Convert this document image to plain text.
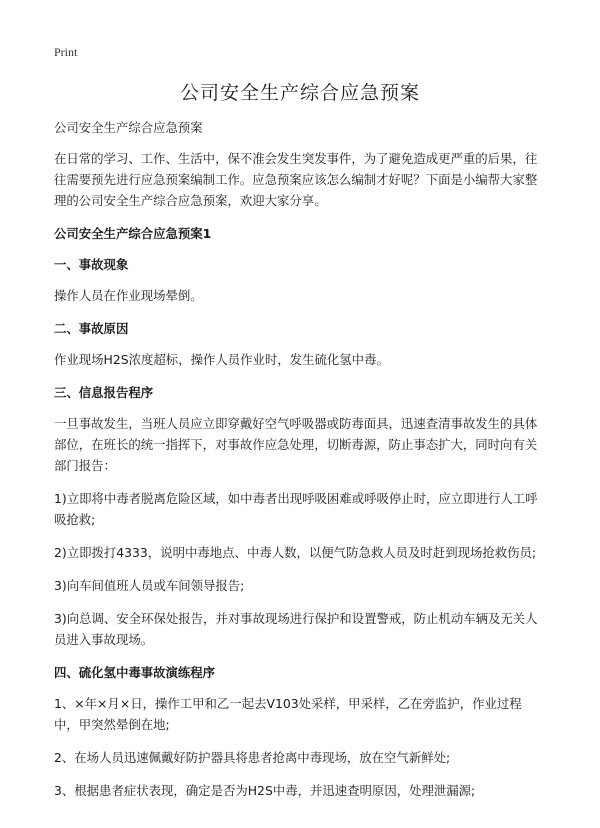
Print
公司安全生产综合应急预案

公司安全生产综合应急预案

在日常的学习、工作、生活中，保不准会发生突发事件，为了避免造成更严重的后果，往往需要预先进行应急预案编制工作。应急预案应该怎么编制才好呢？下面是小编帮大家整理的公司安全生产综合应急预案，欢迎大家分享。

公司安全生产综合应急预案1

一、事故现象

操作人员在作业现场晕倒。

二、事故原因

作业现场H2S浓度超标，操作人员作业时，发生硫化氢中毒。

三、信息报告程序

一旦事故发生，当班人员应立即穿戴好空气呼吸器或防毒面具，迅速查清事故发生的具体部位，在班长的统一指挥下，对事故作应急处理，切断毒源，防止事态扩大，同时向有关部门报告：

1)立即将中毒者脱离危险区域，如中毒者出现呼吸困难或呼吸停止时，应立即进行人工呼吸抢救;

2)立即拨打4333，说明中毒地点、中毒人数，以便气防急救人员及时赶到现场抢救伤员;

3)向车间值班人员或车间领导报告;

3)向总调、安全环保处报告，并对事故现场进行保护和设置警戒，防止机动车辆及无关人员进入事故现场。

四、硫化氢中毒事故演练程序

1、×年×月×日，操作工甲和乙一起去V103处采样，甲采样，乙在旁监护，作业过程中，甲突然晕倒在地;

2、在场人员迅速佩戴好防护器具将患者抢离中毒现场，放在空气新鲜处;

3、根据患者症状表现，确定是否为H2S中毒，并迅速查明原因，处理泄漏源;
